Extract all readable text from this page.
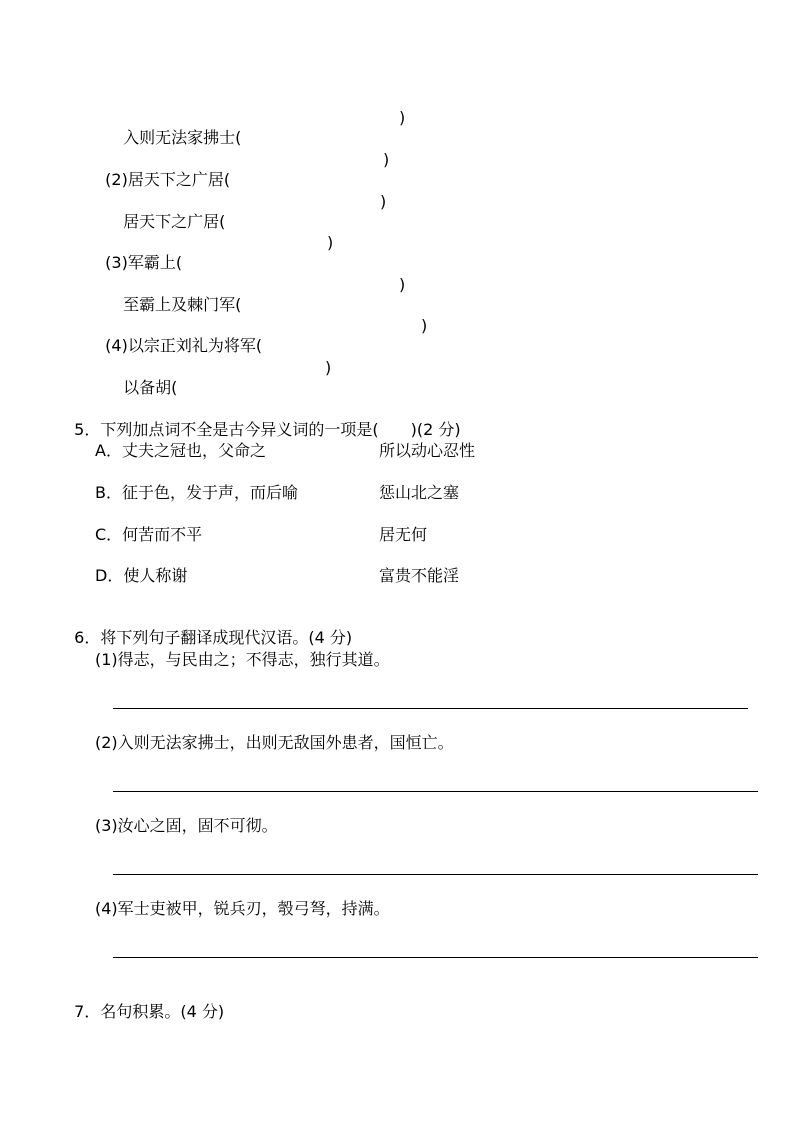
入则无法家拂士(

)

(2)居天下之广居(

)

居天下之广居(

)

(3)军霸上(

)

至霸上及棘门军(

)

(4)以宗正刘礼为将军(

)

以备胡(

)

5．下列加点词不全是古今异义词的一项是(　　)(2 分)

A．丈夫之冠也，父命之	所以动心忍性
B．征于色，发于声，而后喻	惩山北之塞
C．何苦而不平	居无何
D．使人称谢	富贵不能淫

6．将下列句子翻译成现代汉语。(4 分)

(1)得志，与民由之；不得志，独行其道。
(2)入则无法家拂士，出则无敌国外患者，国恒亡。
(3)汝心之固，固不可彻。
(4)军士吏被甲，锐兵刃，彀弓弩，持满。

7．名句积累。(4 分)
